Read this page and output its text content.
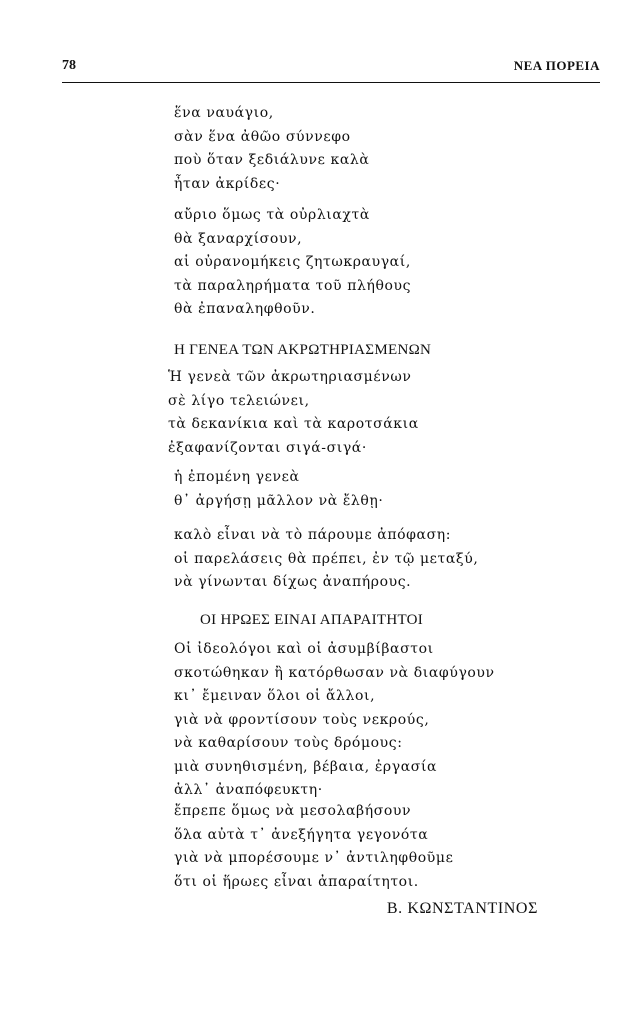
78	ΝΕΑ ΠΟΡΕΙΑ
ἕνα ναυάγιο,
σὰν ἕνα ἀθῶο σύννεφο
ποὺ ὅταν ξεδιάλυνε καλὰ
ἦταν ἀκρίδες·
αὔριο ὅμως τὰ οὐρλιαχτὰ
θὰ ξαναρχίσουν,
αἱ οὐρανομήκεις ζητωκραυγαί,
τὰ παραληρήματα τοῦ πλήθους
θὰ ἐπαναληφθοῦν.
Η ΓΕΝΕΑ ΤΩΝ ΑΚΡΩΤΗΡΙΑΣΜΕΝΩΝ
Ἡ γενεὰ τῶν ἀκρωτηριασμένων
σὲ λίγο τελειώνει,
τὰ δεκανίκια καὶ τὰ καροτσάκια
ἐξαφανίζονται σιγά-σιγά·
ἡ ἐπομένη γενεὰ
θ᾽ ἀργήσῃ μᾶλλον νὰ ἔλθῃ·
καλὸ εἶναι νὰ τὸ πάρουμε ἀπόφαση:
οἱ παρελάσεις θὰ πρέπει, ἐν τῷ μεταξύ,
νὰ γίνωνται δίχως ἀναπήρους.
ΟΙ ΗΡΩΕΣ ΕΙΝΑΙ ΑΠΑΡΑΙΤΗΤΟΙ
Οἱ ἰδεολόγοι καὶ οἱ ἀσυμβίβαστοι
σκοτώθηκαν ἢ κατόρθωσαν νὰ διαφύγουν
κι᾽ ἔμειναν ὅλοι οἱ ἄλλοι,
γιὰ νὰ φροντίσουν τοὺς νεκρούς,
νὰ καθαρίσουν τοὺς δρόμους:
μιὰ συνηθισμένη, βέβαια, ἐργασία
ἀλλ᾽ ἀναπόφευκτη·
ἔπρεπε ὅμως νὰ μεσολαβήσουν
ὅλα αὐτὰ τ᾽ ἀνεξήγητα γεγονότα
γιὰ νὰ μπορέσουμε ν᾽ ἀντιληφθοῦμε
ὅτι οἱ ἥρωες εἶναι ἀπαραίτητοι.
Β. ΚΩΝΣΤΑΝΤΙΝΟΣ
